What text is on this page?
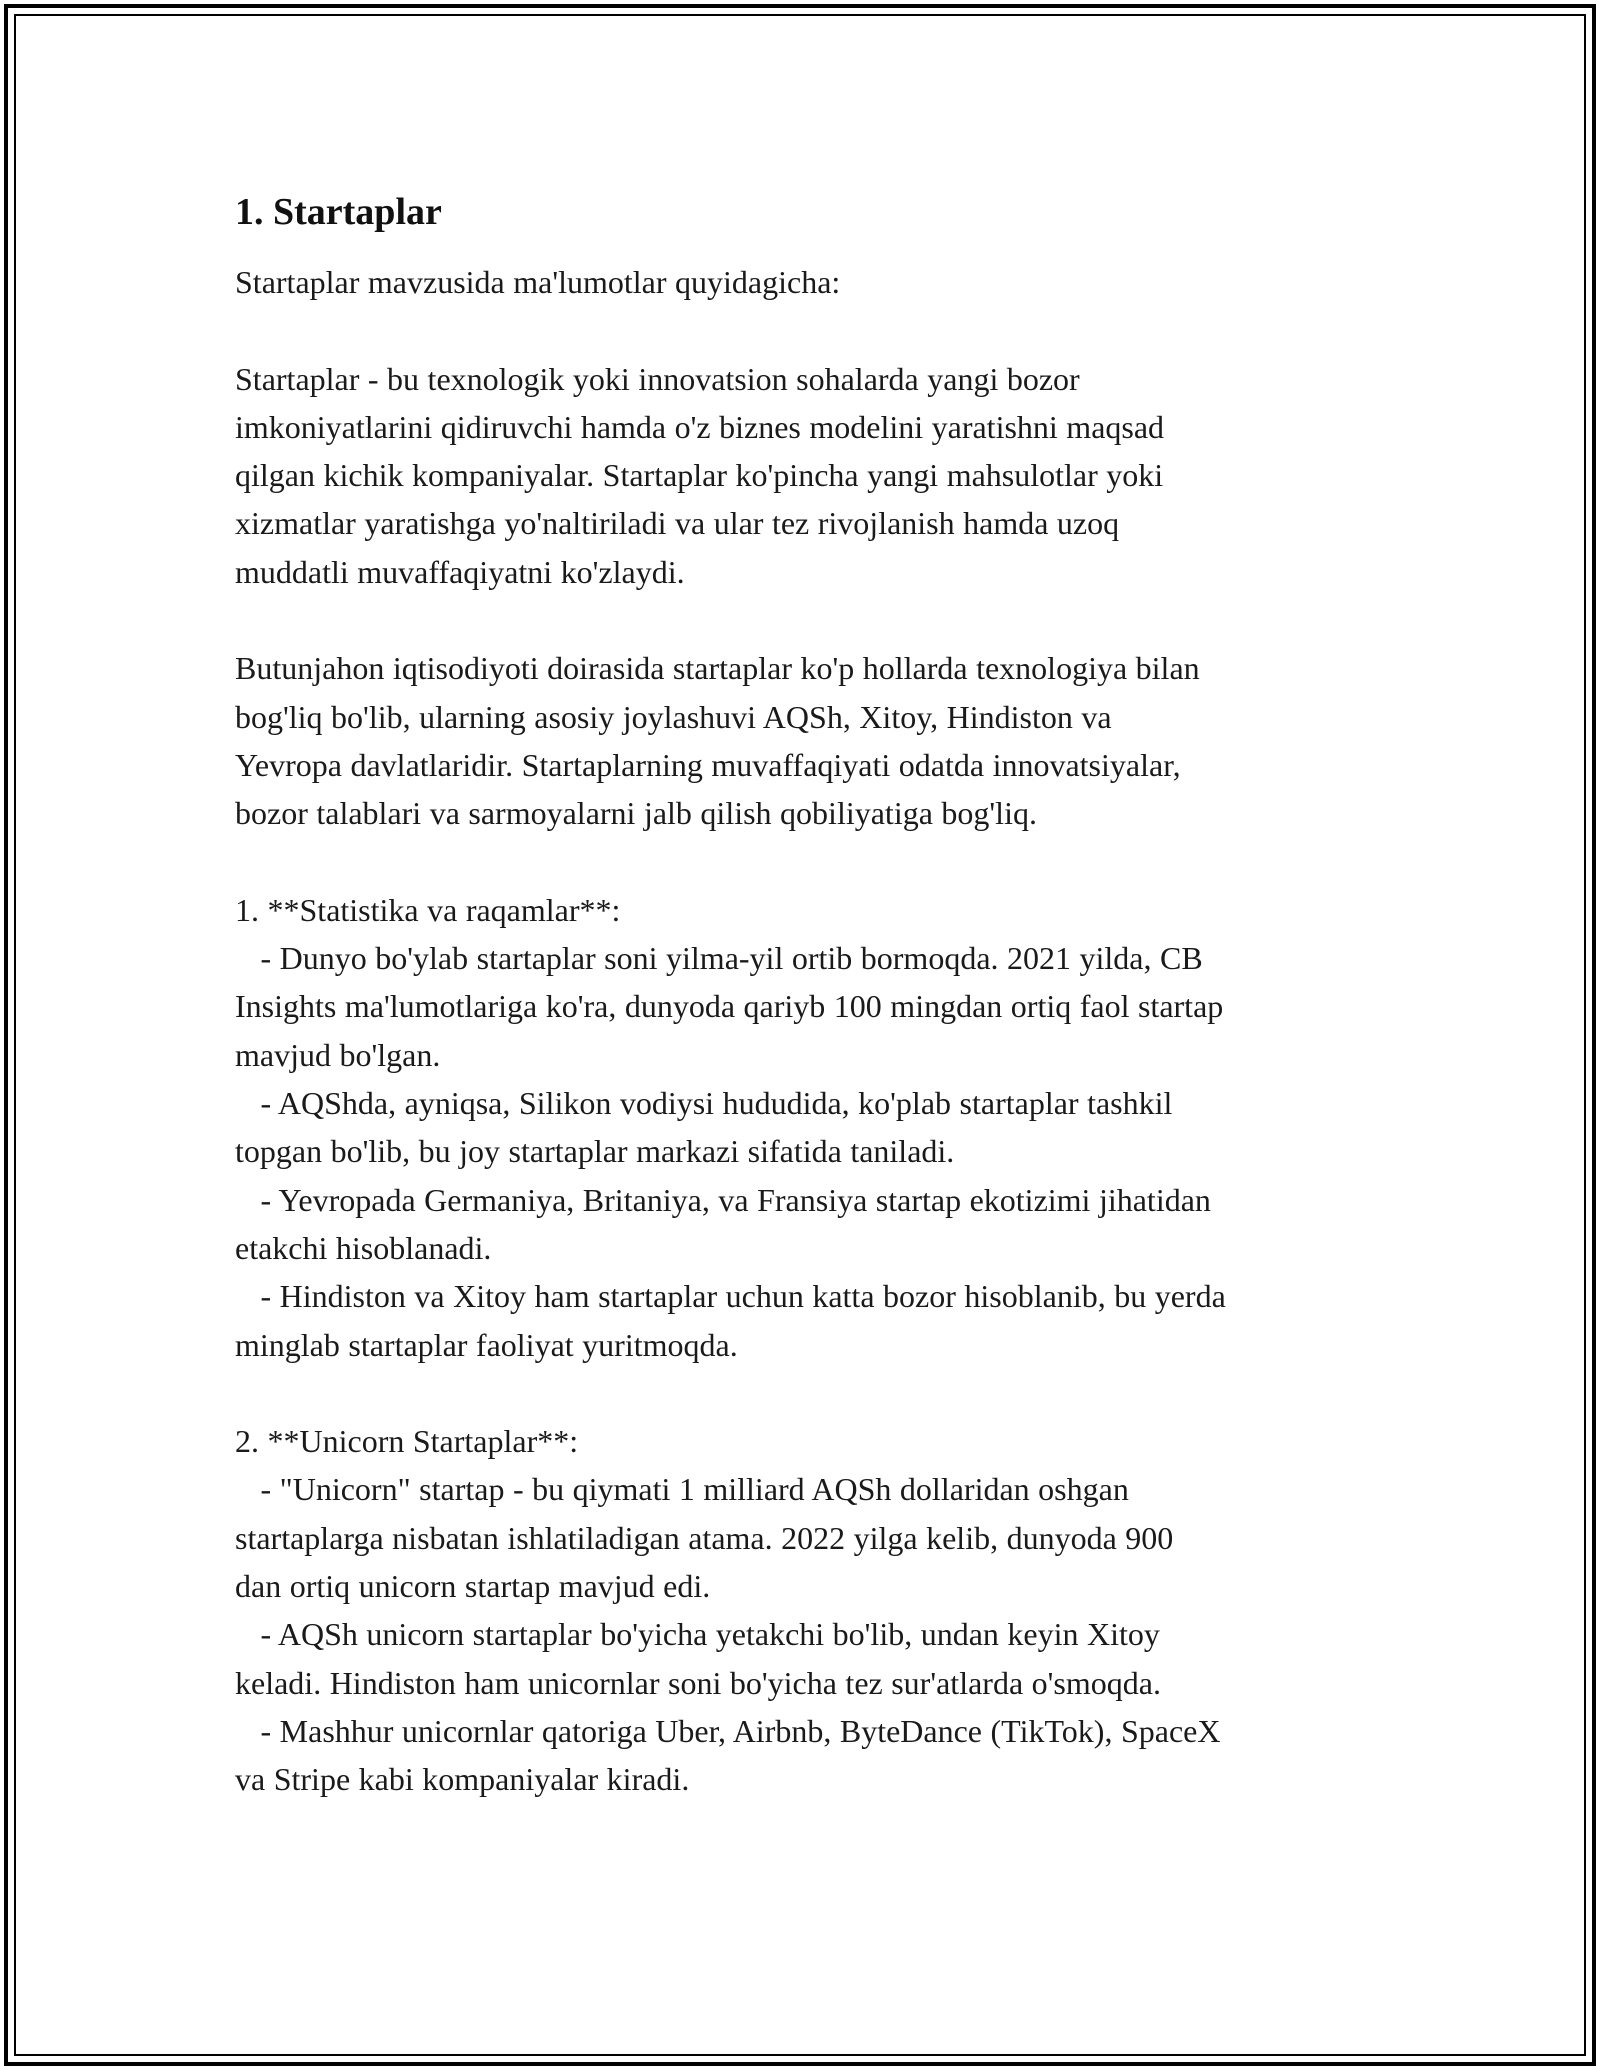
1. Startaplar

Startaplar mavzusida ma'lumotlar quyidagicha:

Startaplar - bu texnologik yoki innovatsion sohalarda yangi bozor
imkoniyatlarini qidiruvchi hamda o'z biznes modelini yaratishni maqsad
qilgan kichik kompaniyalar. Startaplar ko'pincha yangi mahsulotlar yoki
xizmatlar yaratishga yo'naltiriladi va ular tez rivojlanish hamda uzoq
muddatli muvaffaqiyatni ko'zlaydi.

Butunjahon iqtisodiyoti doirasida startaplar ko'p hollarda texnologiya bilan
bog'liq bo'lib, ularning asosiy joylashuvi AQSh, Xitoy, Hindiston va
Yevropa davlatlaridir. Startaplarning muvaffaqiyati odatda innovatsiyalar,
bozor talablari va sarmoyalarni jalb qilish qobiliyatiga bog'liq.

1. **Statistika va raqamlar**:
- Dunyo bo'ylab startaplar soni yilma-yil ortib bormoqda. 2021 yilda, CB
Insights ma'lumotlariga ko'ra, dunyoda qariyb 100 mingdan ortiq faol startap
mavjud bo'lgan.
- AQShda, ayniqsa, Silikon vodiysi hududida, ko'plab startaplar tashkil
topgan bo'lib, bu joy startaplar markazi sifatida taniladi.
- Yevropada Germaniya, Britaniya, va Fransiya startap ekotizimi jihatidan
etakchi hisoblanadi.
- Hindiston va Xitoy ham startaplar uchun katta bozor hisoblanib, bu yerda
minglab startaplar faoliyat yuritmoqda.

2. **Unicorn Startaplar**:
- "Unicorn" startap - bu qiymati 1 milliard AQSh dollaridan oshgan
startaplarga nisbatan ishlatiladigan atama. 2022 yilga kelib, dunyoda 900
dan ortiq unicorn startap mavjud edi.
- AQSh unicorn startaplar bo'yicha yetakchi bo'lib, undan keyin Xitoy
keladi. Hindiston ham unicornlar soni bo'yicha tez sur'atlarda o'smoqda.
- Mashhur unicornlar qatoriga Uber, Airbnb, ByteDance (TikTok), SpaceX
va Stripe kabi kompaniyalar kiradi.
